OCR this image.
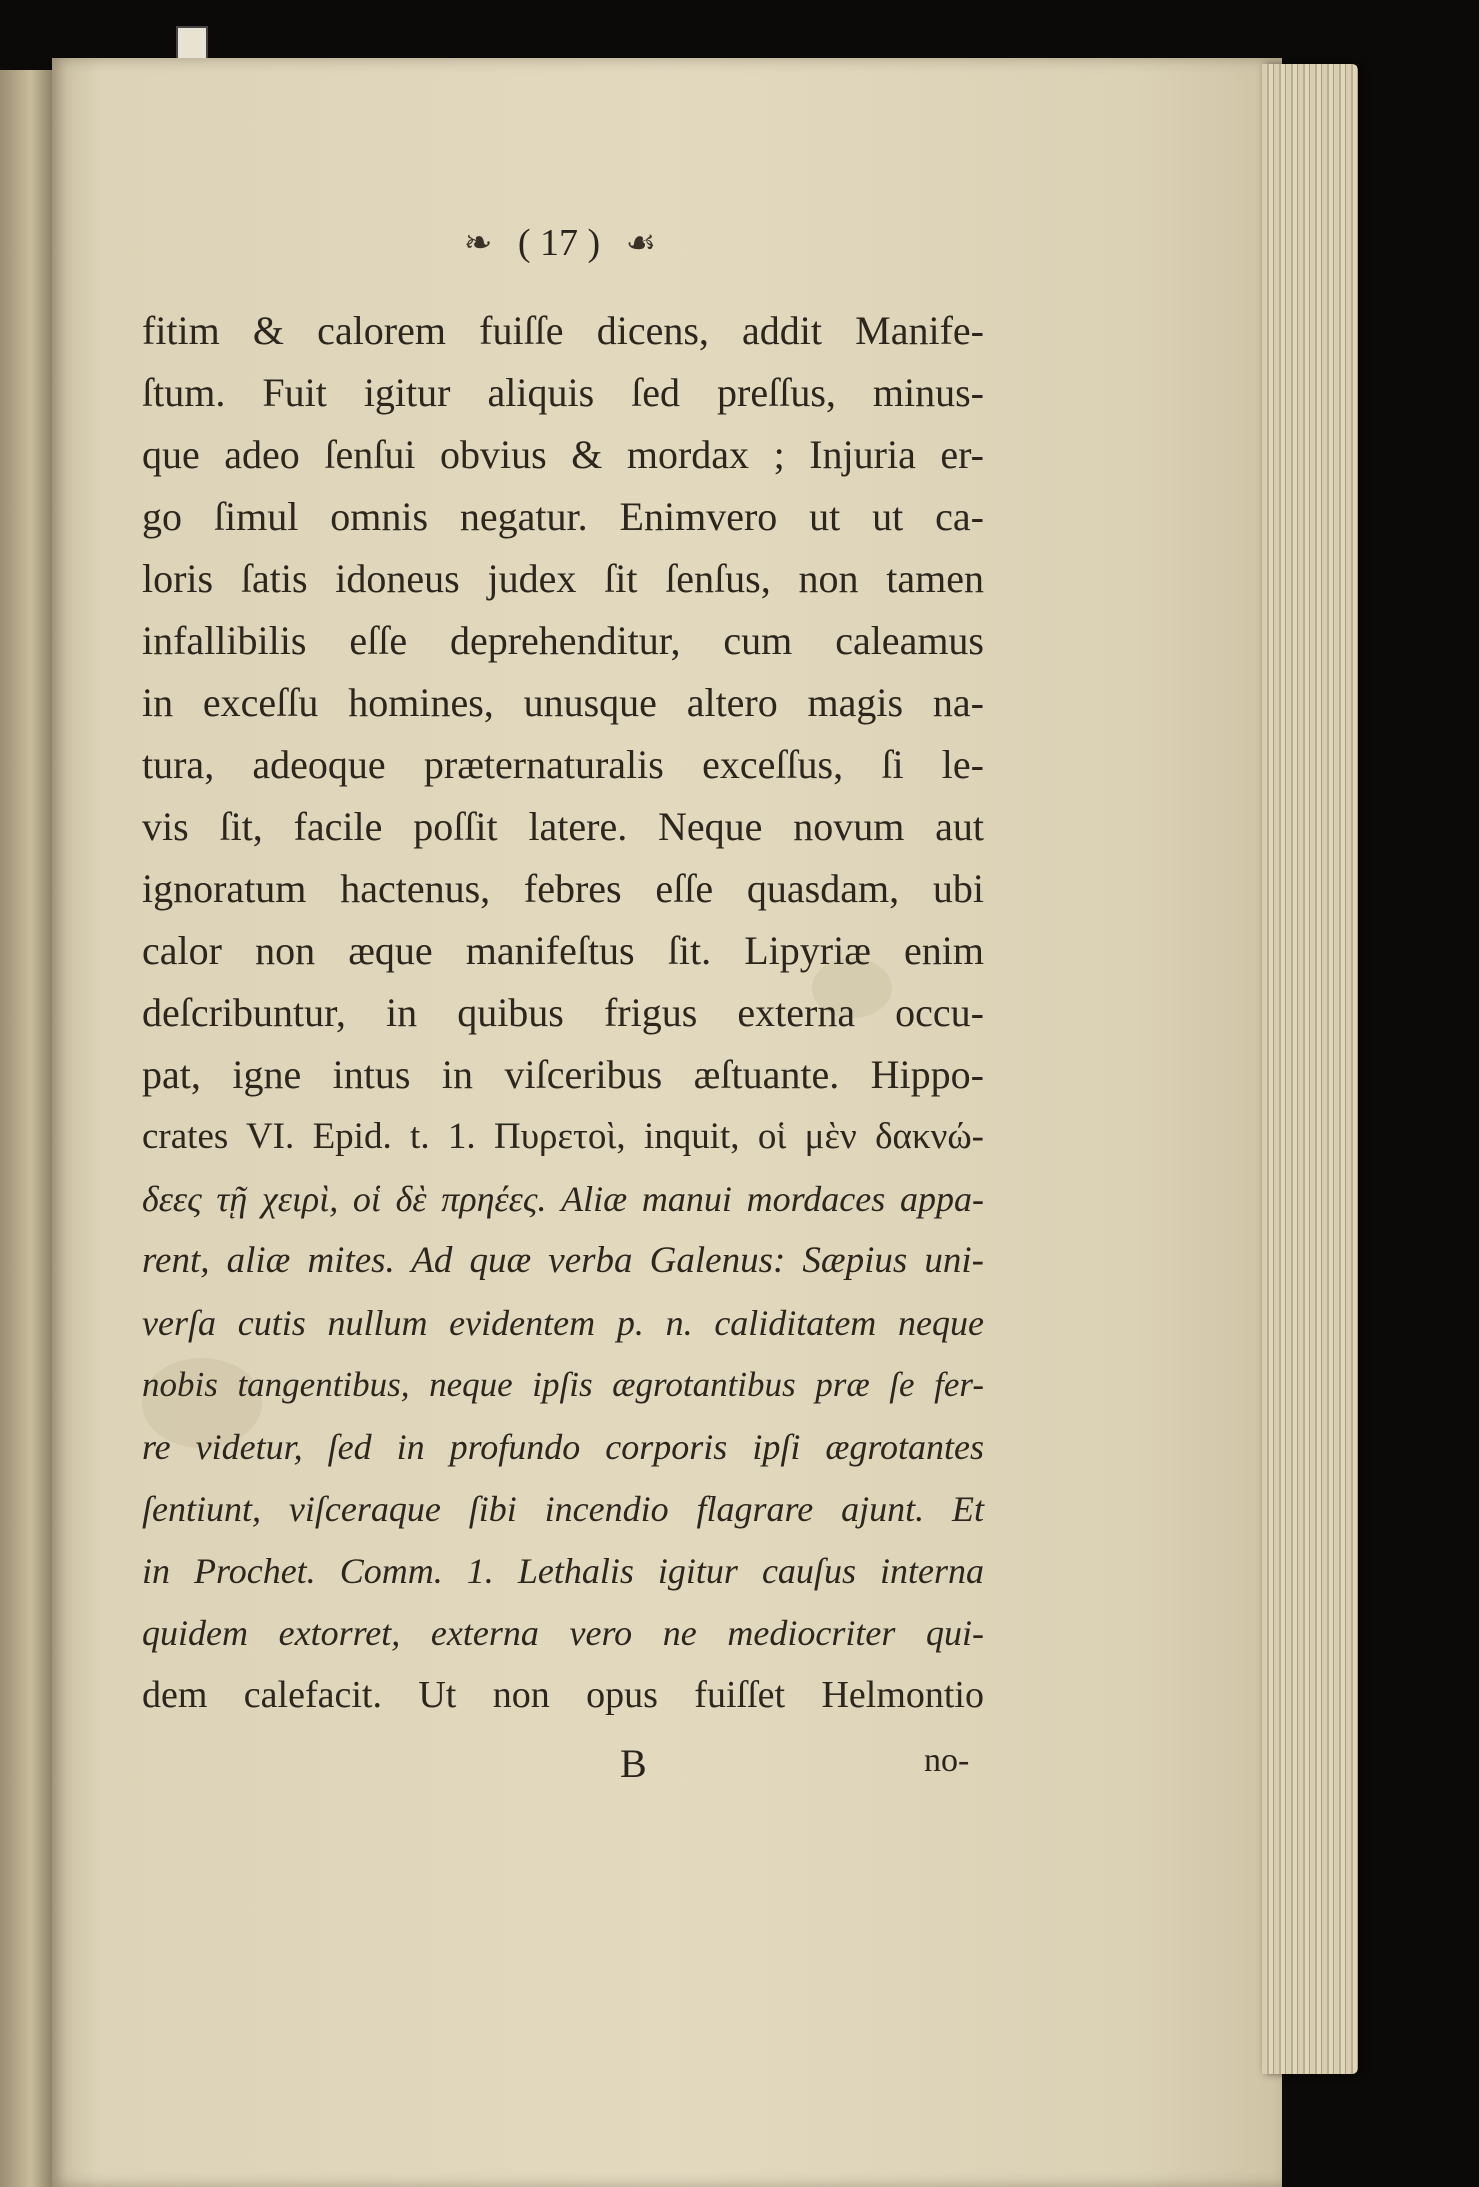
❧ ( 17 ) ☙
fitim & calorem fuiſſe dicens, addit Manife-
ſtum. Fuit igitur aliquis ſed preſſus, minus-
que adeo ſenſui obvius & mordax ; Injuria er-
go ſimul omnis negatur. Enimvero ut ut ca-
loris ſatis idoneus judex ſit ſenſus, non tamen
infallibilis eſſe deprehenditur, cum caleamus
in exceſſu homines, unusque altero magis na-
tura, adeoque præternaturalis exceſſus, ſi le-
vis ſit, facile poſſit latere. Neque novum aut
ignoratum hactenus, febres eſſe quasdam, ubi
calor non æque manifeſtus ſit. Lipyriæ enim
deſcribuntur, in quibus frigus externa occu-
pat, igne intus in viſceribus æſtuante. Hippo-
crates VI. Epid. t. 1. Πυρετοὶ, inquit, οἱ μὲν δακνώ-
δεες τῇ χειρὶ, οἱ δὲ πρηέες. Aliæ manui mordaces appa-
rent, aliæ mites. Ad quæ verba Galenus: Sæpius uni-
verſa cutis nullum evidentem p. n. caliditatem neque
nobis tangentibus, neque ipſis ægrotantibus præ ſe fer-
re videtur, ſed in profundo corporis ipſi ægrotantes
ſentiunt, viſceraque ſibi incendio flagrare ajunt. Et
in Prochet. Comm. 1. Lethalis igitur cauſus interna
quidem extorret, externa vero ne mediocriter qui-
dem calefacit. Ut non opus fuiſſet Helmontio
B	no-
